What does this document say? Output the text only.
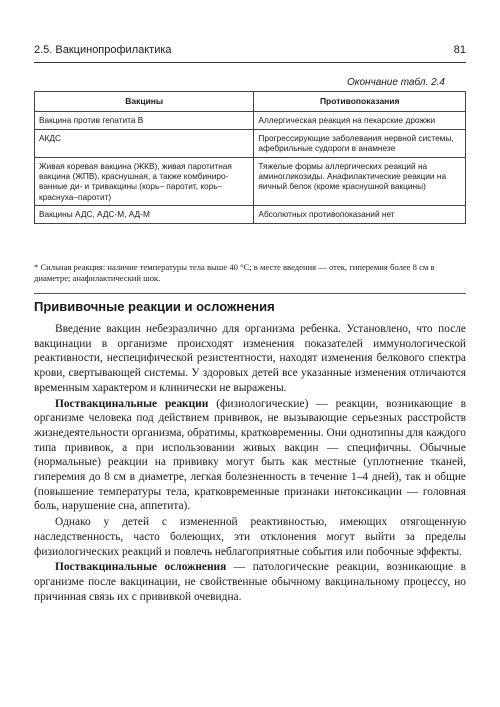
2.5. Вакцинопрофилактика	81
Окончание табл. 2.4
Вакцины	Противопоказания
Вакцина против гепатита B	Аллергическая реакция на пекарские дрожжи
АКДС	Прогрессирующие заболевания нервной системы, афебрильные судороги в анамнезе
Живая коревая вакцина (ЖКВ), живая паротитная вакцина (ЖПВ), краснушная, а также комбиниро- ванные ди- и тривакцины (корь– паротит, корь–краснуха–паротит)	Тяжелые формы аллергических реакций на аминогликозиды. Анафилактические реакции на яичный белок (кроме краснушной вакцины)
Вакцины АДС, АДС-М, АД-М	Абсолютных противопоказаний нет
* Сильная реакция: наличие температуры тела выше 40 °C; в месте введения — отек, гиперемия более 8 см в диаметре; анафилактический шок.
Прививочные реакции и осложнения

Введение вакцин небезразлично для организма ребенка. Установлено, что после вакцинации в организме происходят изменения показателей иммунологической реактивности, неспецифической резистентности, находят изменения белкового спектра крови, свертывающей системы. У здоровых детей все указанные изменения отличаются временным характером и клинически не выражены.

Поствакцинальные реакции (физиологические) — реакции, возникающие в организме человека под действием прививок, не вызывающие серьезных расстройств жизнедеятельности организма, обратимы, кратковременны. Они однотипны для каждого типа прививок, а при использовании живых вакцин — специфичны. Обычные (нормальные) реакции на прививку могут быть как местные (уплотнение тканей, гиперемия до 8 см в диаметре, легкая болезненность в течение 1–4 дней), так и общие (повышение температуры тела, кратковременные признаки интоксикации — головная боль, нарушение сна, аппетита).

Однако у детей с измененной реактивностью, имеющих отягощенную наследственность, часто болеющих, эти отклонения могут выйти за пределы физиологических реакций и повлечь неблагоприятные события или побочные эффекты.

Поствакцинальные осложнения — патологические реакции, возникающие в организме после вакцинации, не свойственные обычному вакцинальному процессу, но причинная связь их с прививкой очевидна.
